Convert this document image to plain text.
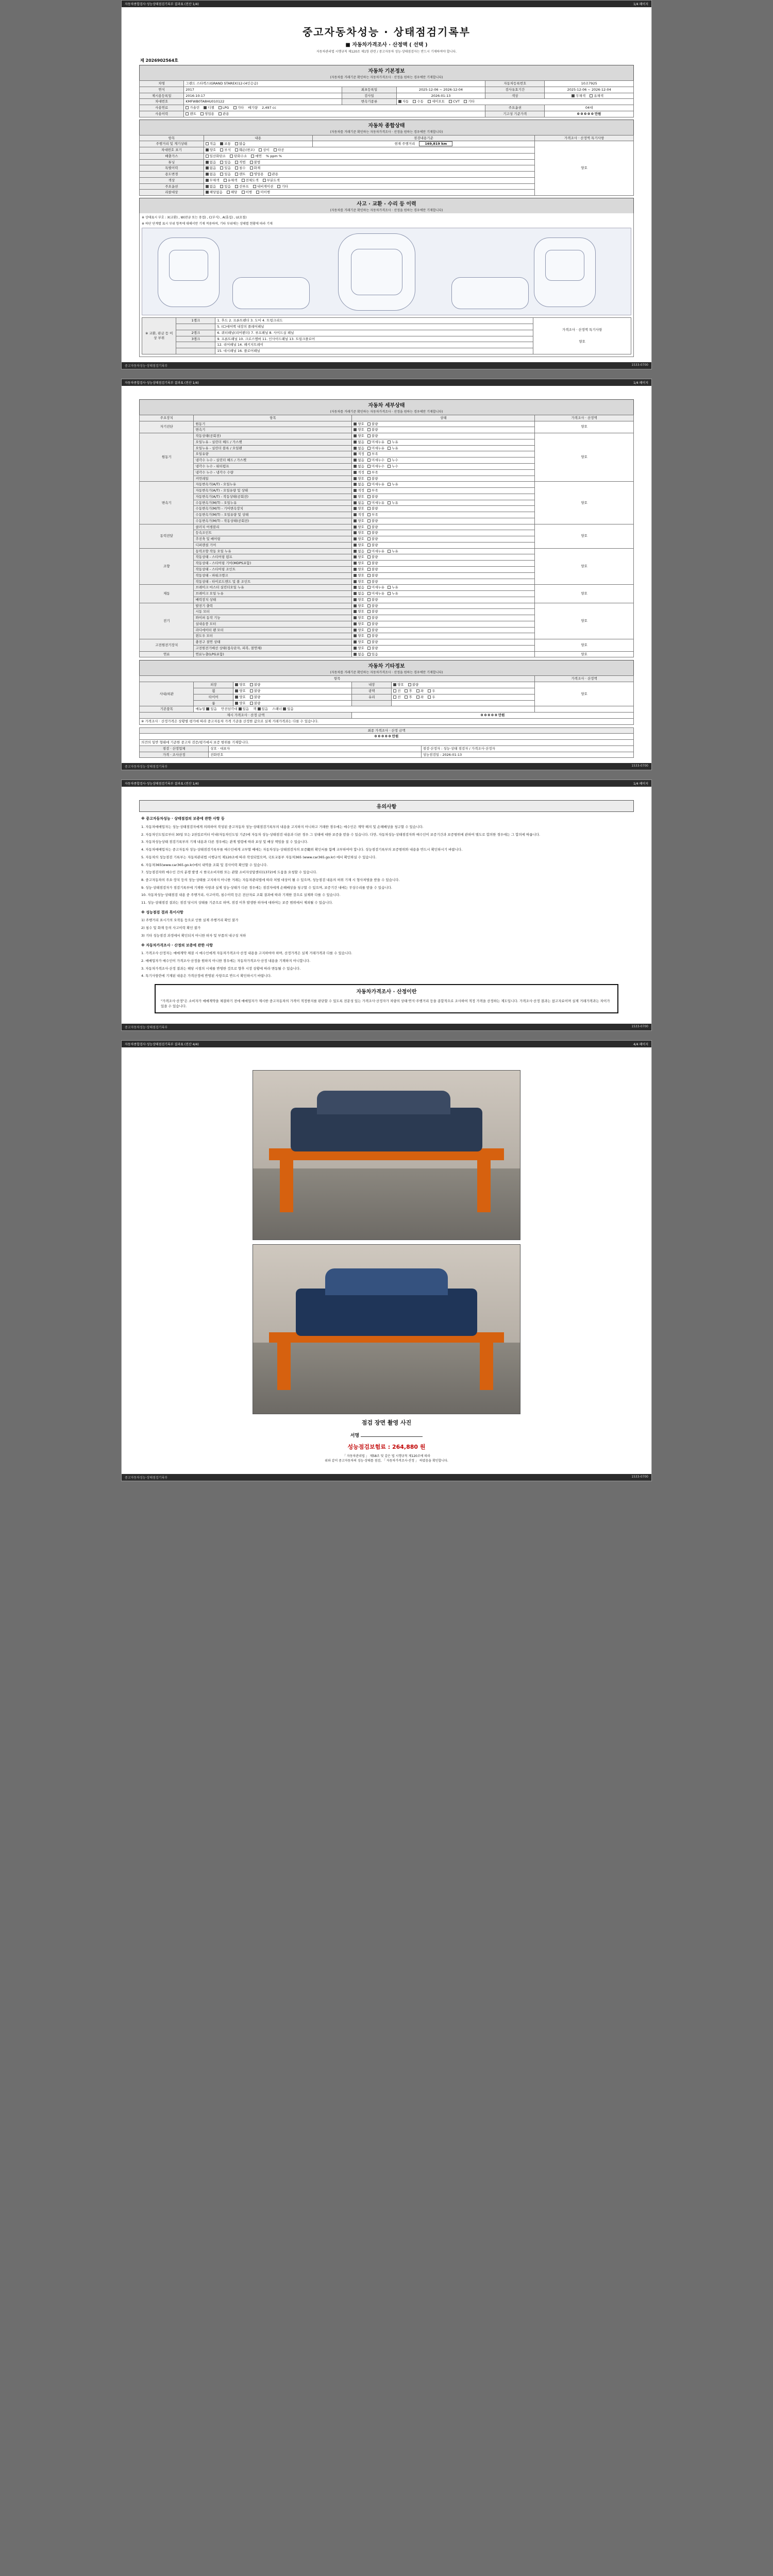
자동차종합검사·성능상태점검기록부 결과표 (전산 1/4)	1/4 페이지
중고자동차성능 · 상태점검기록부
■ 자동차가격조사 · 산정액 ( 선택 )
자동차관리법 시행규칙 제120조 제1항 관련 / 중고자동차 성능·상태점검자는 반드시 기재하여야 합니다.
제 2026902564호
자동차 기본정보
(자동차를 거래기준 확인하는 자동차가격조사 · 산정을 원하는 경우에만 기재합니다)
차명	그랜드 스타렉스(GRAND STAREX)12-(4인승급)			자동차등록번호	10조7925
연식	2017	최초등록일	2025-12-06 ~ 2026-12-04	검사유효기간	2025-12-06 ~ 2026-12-04
제시용등록일	2016-10-17	검사일	2026-01-13	색상	무채색 유채색
차대번호	KMFWB0TA8HU010122	변속기종류	자동 수동 세미오토 CVT 기타		
사용연료	가솔린 디젤 LPG 기타 배기량 2,497 cc			주요옵션	04대
사용이력	렌트 영업용 관용			기고성 기준가격	0 0 0 0 0 만원
자동차 종합상태
(자동차를 거래기준 확인하는 자동차가격조사 · 산정을 원하는 경우에만 기재합니다)
항목	내용	점검내용기준	가격조사 · 산정액 특기사항
주행거리 및 계기상태	적음 보통 많음	현재 주행거리 169,819 km	양호
차대번호 표기	양호 부식 훼손(변조) 상이 타공		
배출가스	일산화탄소 탄화수소 매연 % ppm %		
튜닝	없음 있음 적법 불법		
특별이력	없음 있음 침수 화재		
용도변경	없음 있음 렌트 영업용 관용		
색상	무채색 유채색 전체도색 부분도색		
주요옵션	없음 있음 선루프 내비게이션 기타		
리콜대상	해당없음 해당 이행 미이행		
사고 · 교환 · 수리 등 이력
(자동차를 거래기준 확인하는 자동차가격조사 · 산정을 원하는 경우에만 기재합니다)
※ 상태표시 부호 : X(교환) , W(판금 또는 용접) , C(부식) , A(흠집) , U(요철)
※ 하단 단계별 표시 부위 항목에 대해서만 기재 적용하며, 기타 부위에는 상태별 현황에 따라 기재
※ 교환, 판금 등 이상 부위	1랭크	1. 후드 2. 프론트펜더 3. 도어 4. 트렁크리드	가격조사 · 산정액 특기사항
양호

		5. (C)에어백 내장의 플레어패널	
	2랭크	6. 쿼터패널(리어펜더) 7. 루프패널 8. 사이드실 패널	
	3랭크	9. 프론트패널 10. 크로스멤버 11. 인사이드패널 13. 트렁크플로어	
		12. 리어패널 14. 패키지트레이	
		15. 대시패널 16. 플로어패널	
중고자동차성능·상태점검기록부	1533-0700
자동차종합검사·성능상태점검기록부 결과표 (전산 1/4)	1/4 페이지
자동차 세부상태
(자동차를 거래기준 확인하는 자동차가격조사 · 산정을 원하는 경우에만 기재합니다)
주요장치	항목	상태	가격조사 · 산정액
자기진단	원동기	양호 불량	양호
	변속기	양호 불량	
원동기	작동상태(공회전)	양호 불량	양호
	오일누유 - 실린더 헤드 / 가스켓	없음 미세누유 누유	
	오일누유 - 실린더 블록 / 오일팬	없음 미세누유 누유	
	오일유량	적정 부족	
	냉각수 누수 - 실린더 헤드 / 가스켓	없음 미세누수 누수	
	냉각수 누수 - 워터펌프	없음 미세누수 누수	
	냉각수 누수 - 냉각수 수량	적정 부족	
	커먼레일	양호 불량	
변속기	자동변속기(A/T) - 오일누유	없음 미세누유 누유	양호
	자동변속기(A/T) - 오일유량 및 상태	적정 부족	
	자동변속기(A/T) - 작동상태(공회전)	양호 불량	
	수동변속기(M/T) - 오일누유	없음 미세누유 누유	
	수동변속기(M/T) - 기어변속장치	양호 불량	
	수동변속기(M/T) - 오일유량 및 상태	적정 부족	
	수동변속기(M/T) - 작동상태(공회전)	양호 불량	
동력전달	클러치 어셈블리	양호 불량	양호
	등속조인트	양호 불량	
	추진축 및 베어링	양호 불량	
	디퍼렌셜 기어	양호 불량	
조향	동력조향 작동 오일 누유	없음 미세누유 누유	양호
	작동상태 - 스티어링 펌프	양호 불량	
	작동상태 - 스티어링 기어(MDPS포함)	양호 불량	
	작동상태 - 스티어링 조인트	양호 불량	
	작동상태 - 파워크랭크	양호 불량	
	작동상태 - 타이로드엔드 및 볼 조인트	양호 불량	
제동	브레이크 마스터 실린더오일 누유	없음 미세누유 누유	양호
	브레이크 오일 누유	없음 미세누유 누유	
	배력장치 상태	양호 불량	
전기	발전기 출력	양호 불량	양호
	시동 모터	양호 불량	
	와이퍼 동작 기능	양호 불량	
	실내송풍 모터	양호 불량	
	라디에이터 팬 모터	양호 불량	
	윈도우 모터	양호 불량	
고전원전기장치	충전구 절연 상태	양호 불량	양호
	고전원전기배선 상태(접속단자, 피복, 절연체)	양호 불량	
연료	연료누출(LPG포함)	없음 있음	양호
자동차 기타정보
(자동차를 거래기준 확인하는 자동차가격조사 · 산정을 원하는 경우에만 기재합니다)
항목					가격조사 · 산정액
사내/외관	외장	양호 불량	내장	양호 불량	양호
	휠	양호 불량	광택	전 후 좌 우	
	타이어	양호 불량	유리	전 후 좌 우	
	룸	양호 불량			
기본품목	매뉴얼 있음 안전삼각대 있음 잭 있음 스패너 있음				
제시 가격조사 · 산정 금액			0 0 0 0 0 만원		
※ 가격조사 · 산정가격은 상황별 평가에 따라 중고자동차 가격 기준을 산정한 값으로 실제 거래가격과는 다를 수 있습니다.					
최종 가격조사 · 산정 금액		
0 0 0 0 0 만원		
의견의 일반 형태에 기준한 중고차 검증/평가에서 보증 범위를 기재합니다.		
점검 · 산정업체	상호 · 대표자	점검·산정자 : 성능·상태 점검자 / 가격조사·산정자
가격 · 조사산정	전화번호	성능점검일 : 2026-01-13
중고자동차성능·상태점검기록부	1533-0700
자동차종합검사·성능상태점검기록부 결과표 (전산 1/4)	1/4 페이지
유의사항
※ 중고자동차성능 · 상태점검의 보증에 관한 사항 등

1. 자동차매매업자는 성능·상태점검자에게 의뢰하여 작성된 중고자동차 성능·상태점검기록부의 내용을 고지하지 아니하고 거래한 경우에는 매수인은 계약 해지 및 손해배상을 청구할 수 있습니다.

2. 자동차인도일로부터 30일 또는 2천킬로미터 이내(자동차인도일 기준)에 자동차 성능·상태점검 내용과 다른 경우 그 상태에 대한 보증을 받을 수 있습니다. 다만, 자동차성능·상태점검자와 매수인이 보증기간과 보증범위에 관하여 별도로 합의한 경우에는 그 합의에 따릅니다.

3. 자동차성능상태 점검기록부의 기재 내용과 다른 경우에는 관계 법령에 따라 보상 및 배상 책임을 질 수 있습니다.

4. 자동차매매업자는 중고자동차 성능·상태점검기록부를 매수인에게 교부할 때에는 자동차성능·상태점검자의 보증範위 확인서를 함께 교부하여야 합니다. 성능점검기록부의 보증범위와 내용을 반드시 확인하시기 바랍니다.

5. 자동차의 성능점검 기록부는 자동차관리법 시행규칙 제120조에 따라 작성되었으며, 국토교통부 자동차365 (www.car365.go.kr) 에서 확인하실 수 있습니다.

6. 자동차365(www.car365.go.kr)에서 내역을 조회 및 검사이력 확인할 수 있습니다.

7. 성능점검자와 매수인 간의 분쟁 발생 시 한국소비자원 또는 관할 소비자상담센터(1372)에 도움을 요청할 수 있습니다.

8. 중고자동차의 주요·장치 등의 성능·상태를 고지하지 아니한 거래는 자동차관리법에 따라 처벌 대상이 될 수 있으며, 성능점검 내용의 허위 기재 시 형사처벌을 받을 수 있습니다.

9. 성능·상태점검자가 점검기록부에 기재한 사항과 실제 성능·상태가 다른 경우에는 점검자에게 손해배상을 청구할 수 있으며, 보증기간 내에는 무상수리를 받을 수 있습니다.

10. 자동차성능·상태점검 내용 중 주행거리, 사고이력, 침수이력 등은 전산자료 조회 결과에 따라 기재한 것으로 실제와 다를 수 있습니다.

11. 성능·상태점검 결과는 점검 당시의 상태를 기준으로 하며, 점검 이후 발생한 하자에 대하여는 보증 범위에서 제외될 수 있습니다.

※ 성능점검 결과 특이사항

1) 주행거리 표시기의 오작동 등으로 인한 실제 주행거리 확인 불가

2) 침수 및 화재 등의 사고이력 확인 불가

3) 기타 성능점검 과정에서 확인되지 아니한 하자 및 부품의 내구성 저하

※ 자동차가격조사 · 산정의 보증에 관한 사항

1. 가격조사·산정자는 매매계약 체결 시 매수인에게 자동차가격조사·산정 내용을 고지하여야 하며, 산정가격은 실제 거래가격과 다를 수 있습니다.

2. 매매업자가 매수인이 가격조사·산정을 원하지 아니한 경우에는 자동차가격조사·산정 내용을 기재하지 아니합니다.

3. 자동차가격조사·산정 결과는 해당 시점의 시세를 반영한 것으로 향후 시장 상황에 따라 변동될 수 있습니다.

4. 특기사항란에 기재된 내용은 가격산정에 반영된 사항으로 반드시 확인하시기 바랍니다.

자동차가격조사 · 산정이란
"가격조사·산정"은 소비자가 매매계약을 체결하기 전에 매매업자가 제시한 중고자동차의 가격이 적정한지를 판단할 수 있도록 전문성 있는 가격조사·산정자가 차량의 상태·연식·주행거리 등을 종합적으로 조사하여 적정 가격을 산정하는 제도입니다. 가격조사·산정 결과는 참고자료이며 실제 거래가격과는 차이가 있을 수 있습니다.
중고자동차성능·상태점검기록부	1533-0700
자동차종합검사·성능상태점검기록부 결과표 (전산 4/4)	4/4 페이지
점검 장면 촬영 사진
서명
성능점검보험료 : 264,880 원
「 자동차관리법 」 제58조 및 같은 법 시행규칙 제120조에 따라
위와 같이 중고자동차의 성능·상태를 점검, 「 자동차가격조사·산정 」 하였음을 확인합니다.
중고자동차성능·상태점검기록부	1533-0700
